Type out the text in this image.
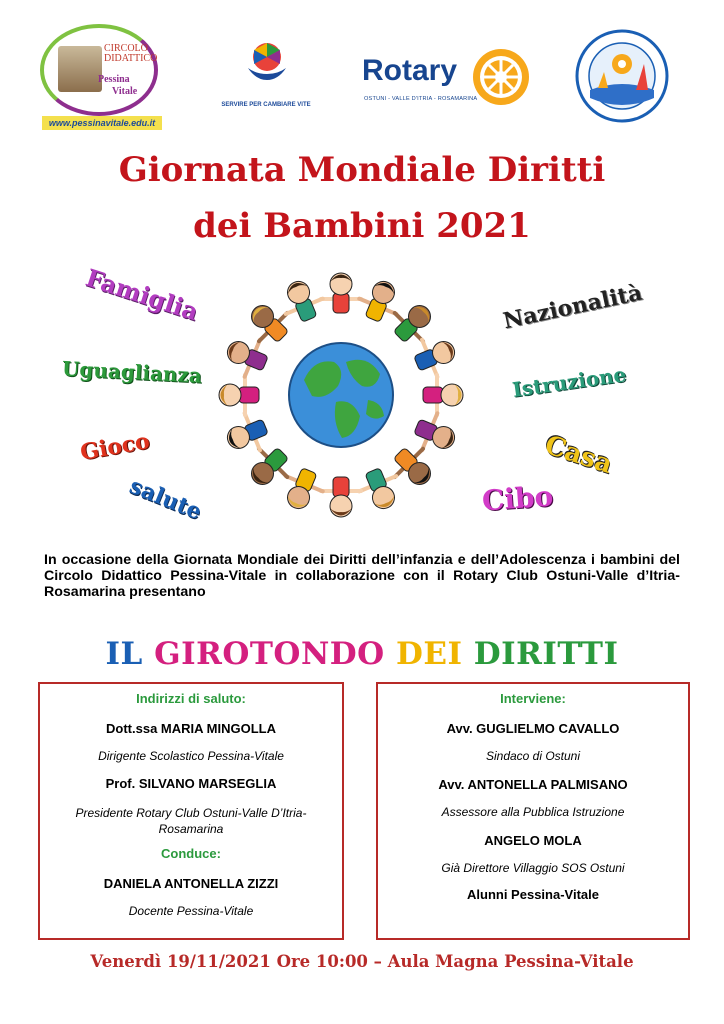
CIRCOLO
DIDATTICO
Pessina
Vitale
www.pessinavitale.edu.it
SERVIRE PER CAMBIARE VITE
Rotary
OSTUNI - VALLE D'ITRIA - ROSAMARINA
Giornata Mondiale Diritti
dei Bambini 2021
Famiglia
Uguaglianza
Gioco
salute
Nazionalità
Istruzione
Casa
Cibo
In occasione della Giornata Mondiale dei Diritti dell’infanzia e dell’Adolescenza i bambini del Circolo Didattico Pessina-Vitale in collaborazione con il Rotary Club Ostuni-Valle d’Itria- Rosamarina presentano
IL GIROTONDO DEI DIRITTI
Indirizzi di saluto:
Dott.ssa MARIA MINGOLLA
Dirigente Scolastico Pessina-Vitale
Prof. SILVANO MARSEGLIA
Presidente Rotary Club Ostuni-Valle D’Itria-Rosamarina
Conduce:
DANIELA ANTONELLA ZIZZI
Docente Pessina-Vitale
Interviene:
Avv. GUGLIELMO CAVALLO
Sindaco di Ostuni
Avv. ANTONELLA PALMISANO
Assessore alla Pubblica Istruzione
ANGELO MOLA
Già Direttore Villaggio SOS Ostuni
Alunni Pessina-Vitale
Venerdì 19/11/2021 Ore 10:00 – Aula Magna Pessina-Vitale
